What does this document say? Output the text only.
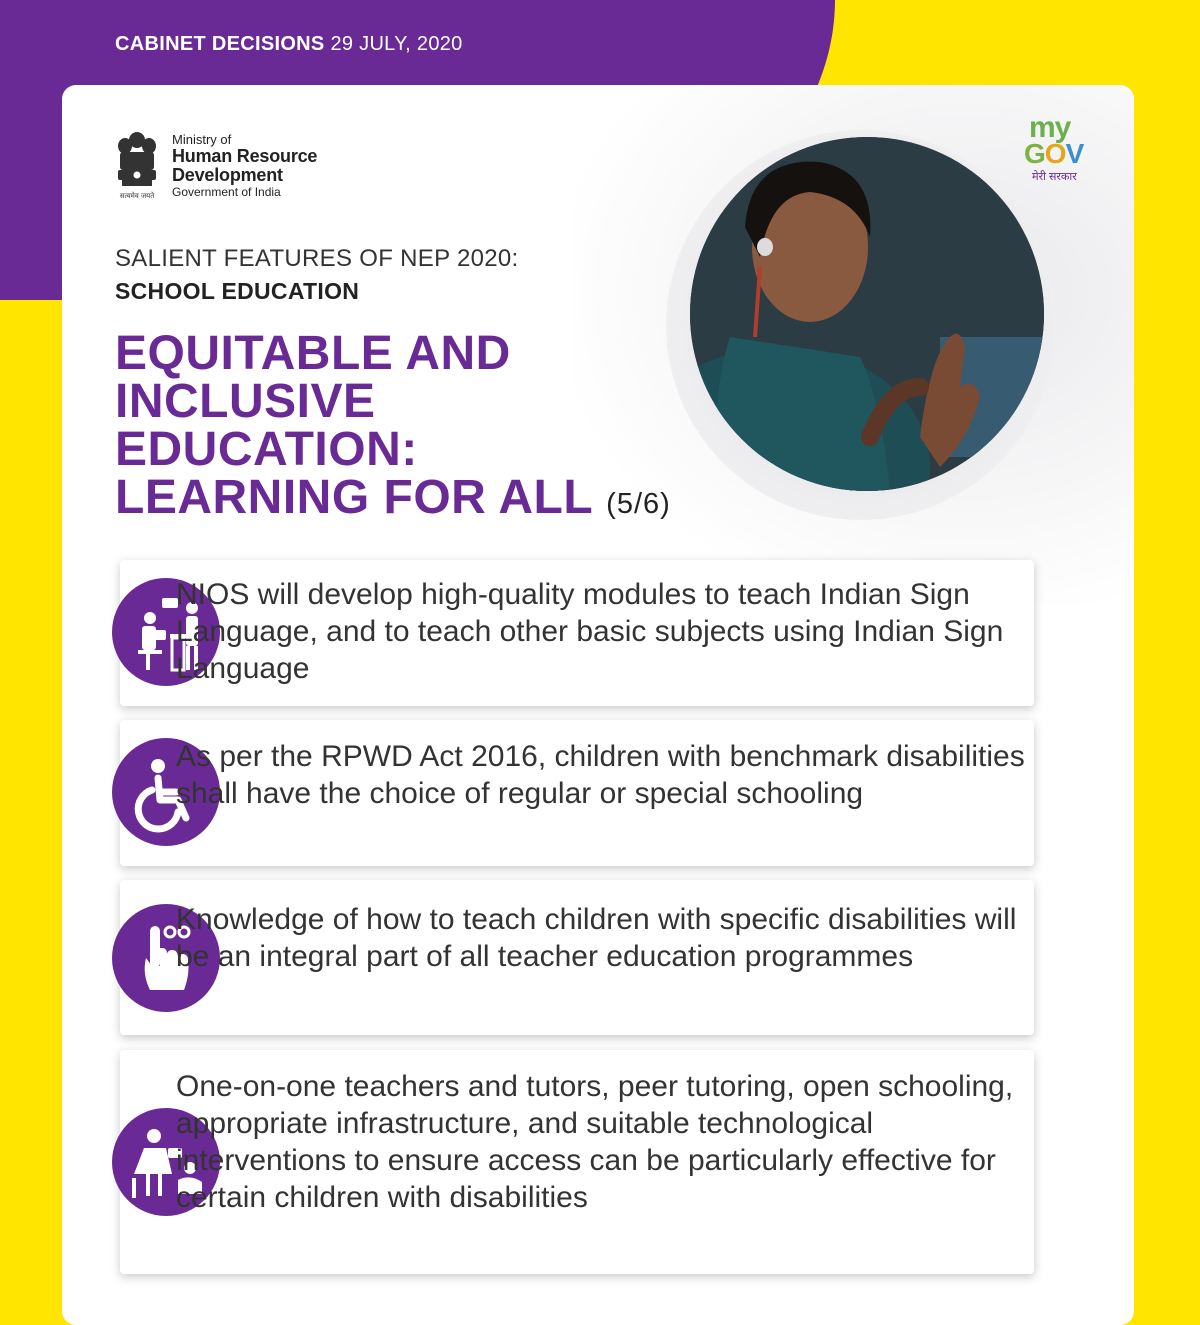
CABINET DECISIONS 29 JULY, 2020
सत्यमेव जयते
Ministry of
Human Resource
Development
Government of India
my
GOV
मेरी सरकार
SALIENT FEATURES OF NEP 2020:
SCHOOL EDUCATION
EQUITABLE AND
INCLUSIVE
EDUCATION:
LEARNING FOR ALL (5/6)
NIOS will develop high-quality modules to teach Indian Sign Language, and to teach other basic subjects using Indian Sign Language
As per the RPWD Act 2016, children with benchmark disabilities shall have the choice of regular or special schooling
Knowledge of how to teach children with specific disabilities will be an integral part of all teacher education programmes
One-on-one teachers and tutors, peer tutoring, open schooling, appropriate infrastructure, and suitable technological interventions to ensure access can be particularly effective for certain children with disabilities
